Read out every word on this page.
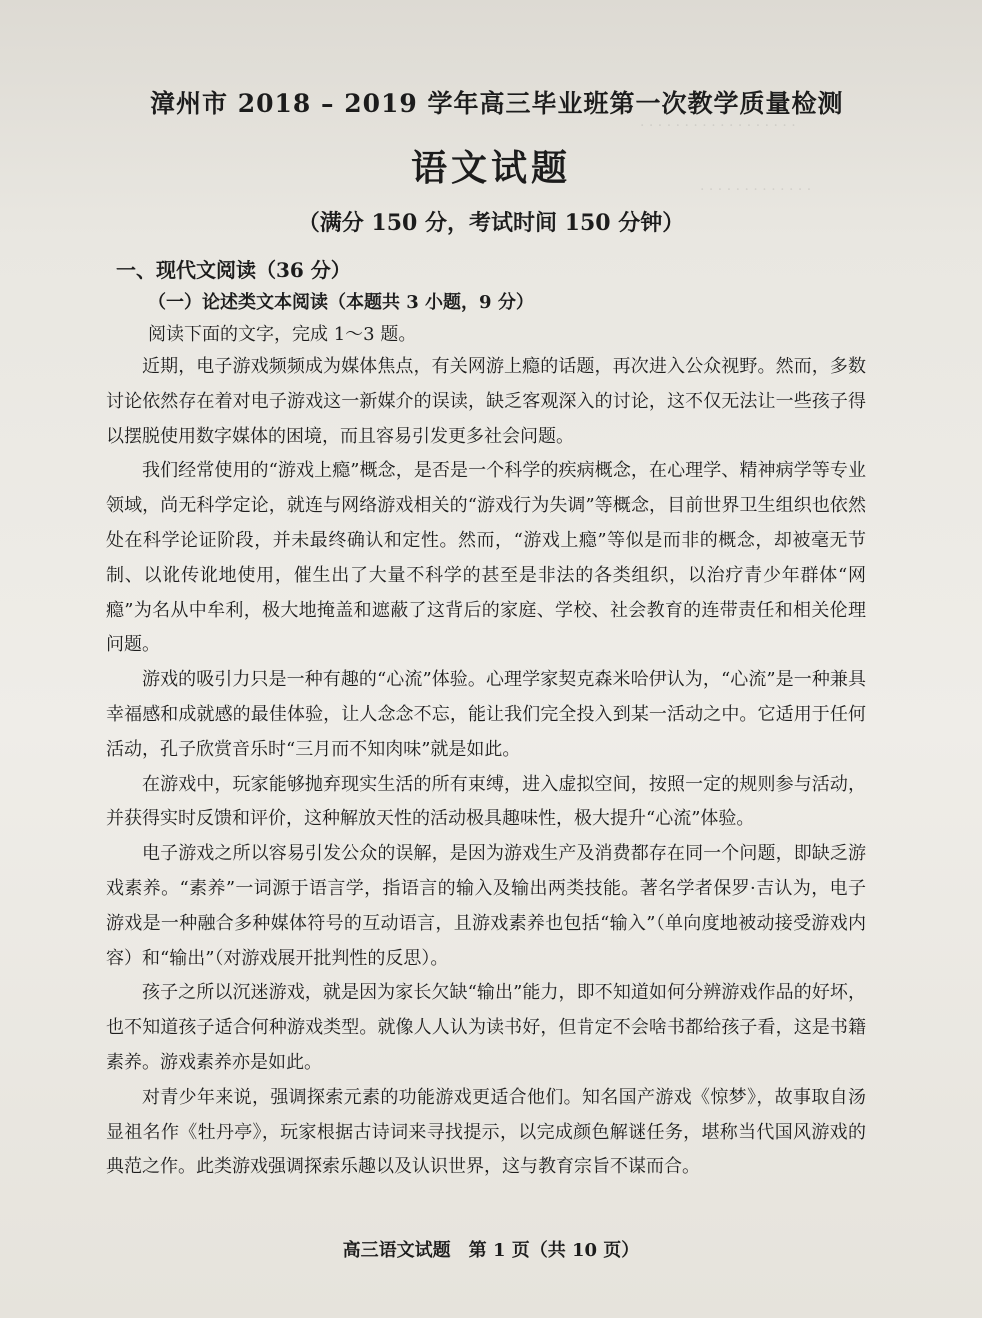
· · · · · · · · · · · · · · · · · ·
· · · · · · · · · · · · ·
漳州市 2018 – 2019 学年高三毕业班第一次教学质量检测
语文试题
（满分 150 分，考试时间 150 分钟）
一、现代文阅读（36 分）
（一）论述类文本阅读（本题共 3 小题，9 分）
阅读下面的文字，完成 1～3 题。

近期，电子游戏频频成为媒体焦点，有关网游上瘾的话题，再次进入公众视野。然而，多数讨论依然存在着对电子游戏这一新媒介的误读，缺乏客观深入的讨论，这不仅无法让一些孩子得以摆脱使用数字媒体的困境，而且容易引发更多社会问题。

我们经常使用的“游戏上瘾”概念，是否是一个科学的疾病概念，在心理学、精神病学等专业领域，尚无科学定论，就连与网络游戏相关的“游戏行为失调”等概念，目前世界卫生组织也依然处在科学论证阶段，并未最终确认和定性。然而，“游戏上瘾”等似是而非的概念，却被毫无节制、以讹传讹地使用，催生出了大量不科学的甚至是非法的各类组织，以治疗青少年群体“网瘾”为名从中牟利，极大地掩盖和遮蔽了这背后的家庭、学校、社会教育的连带责任和相关伦理问题。

游戏的吸引力只是一种有趣的“心流”体验。心理学家契克森米哈伊认为，“心流”是一种兼具幸福感和成就感的最佳体验，让人念念不忘，能让我们完全投入到某一活动之中。它适用于任何活动，孔子欣赏音乐时“三月而不知肉味”就是如此。

在游戏中，玩家能够抛弃现实生活的所有束缚，进入虚拟空间，按照一定的规则参与活动，并获得实时反馈和评价，这种解放天性的活动极具趣味性，极大提升“心流”体验。

电子游戏之所以容易引发公众的误解，是因为游戏生产及消费都存在同一个问题，即缺乏游戏素养。“素养”一词源于语言学，指语言的输入及输出两类技能。著名学者保罗·吉认为，电子游戏是一种融合多种媒体符号的互动语言，且游戏素养也包括“输入”（单向度地被动接受游戏内容）和“输出”（对游戏展开批判性的反思）。

孩子之所以沉迷游戏，就是因为家长欠缺“输出”能力，即不知道如何分辨游戏作品的好坏，也不知道孩子适合何种游戏类型。就像人人认为读书好，但肯定不会啥书都给孩子看，这是书籍素养。游戏素养亦是如此。

对青少年来说，强调探索元素的功能游戏更适合他们。知名国产游戏《惊梦》，故事取自汤显祖名作《牡丹亭》，玩家根据古诗词来寻找提示，以完成颜色解谜任务，堪称当代国风游戏的典范之作。此类游戏强调探索乐趣以及认识世界，这与教育宗旨不谋而合。

高三语文试题　第 1 页（共 10 页）
